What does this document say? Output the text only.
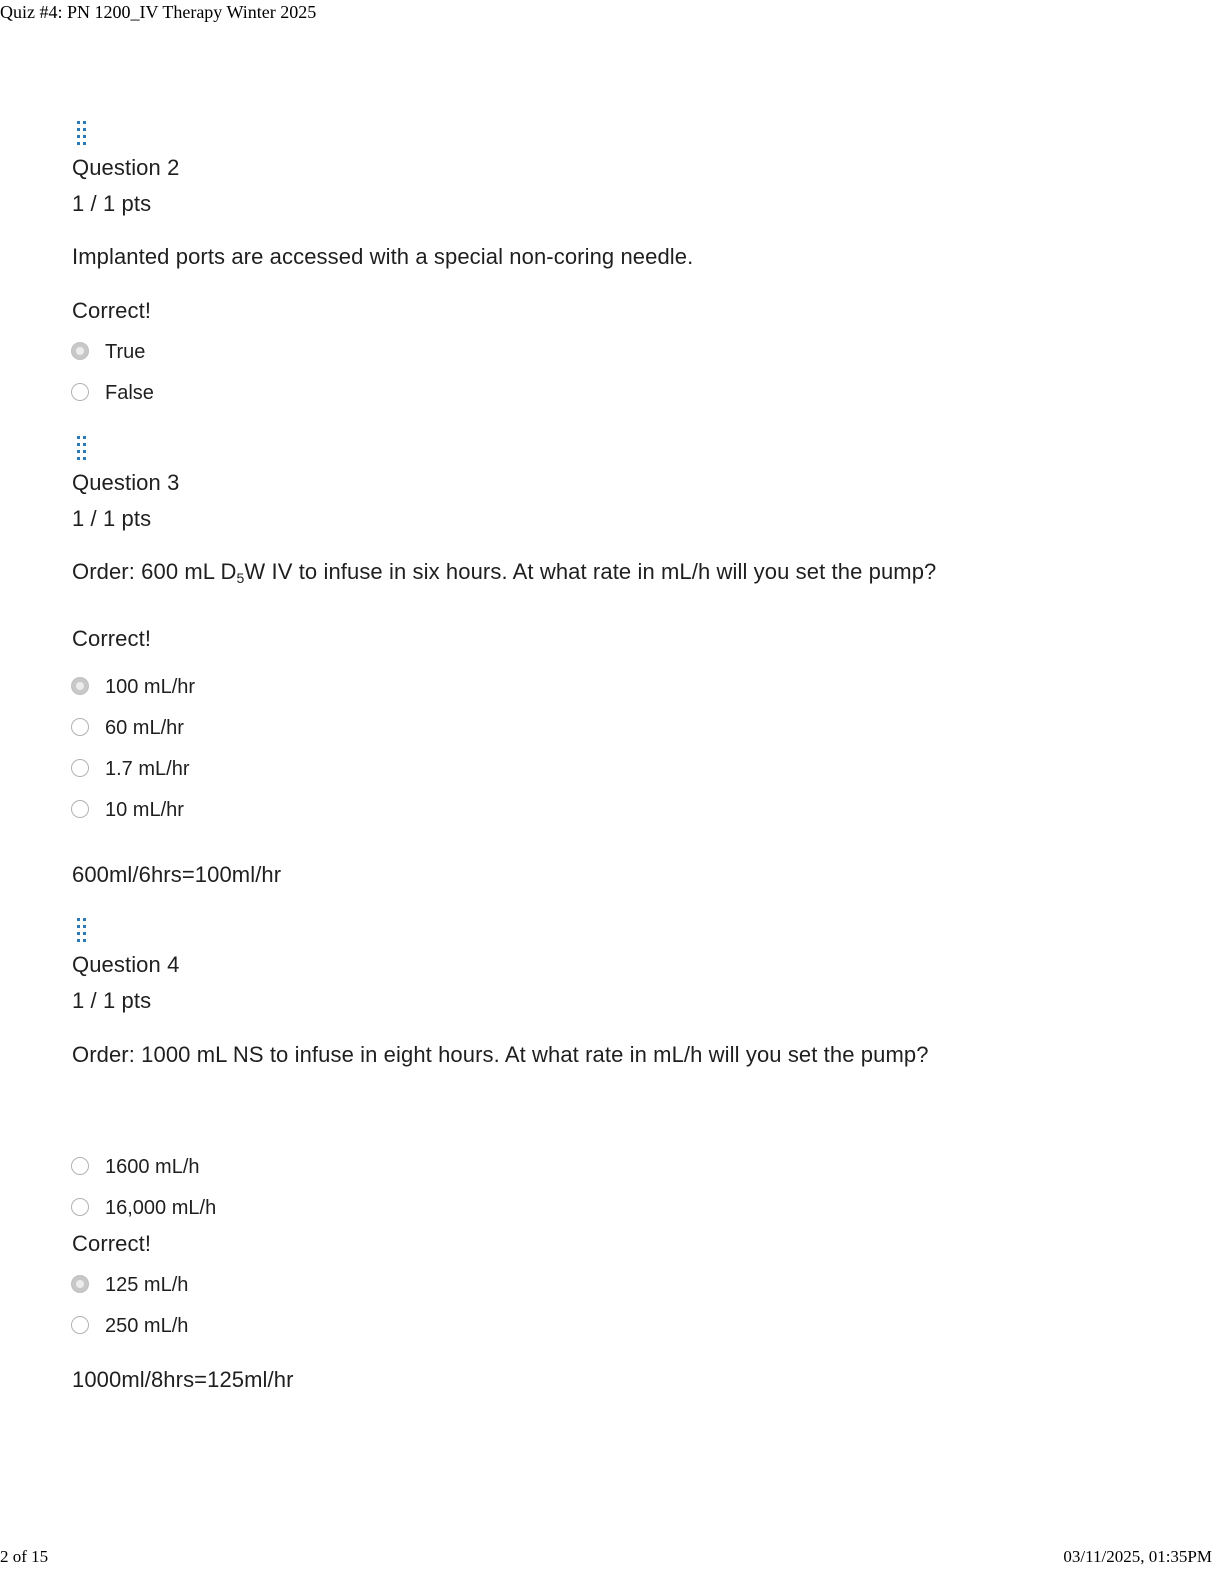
Quiz #4: PN 1200_IV Therapy Winter 2025
2 of 15	03/11/2025, 01:35PM
Question 2
1 / 1 pts
Implanted ports are accessed with a special non-coring needle.
Correct!
True
False
Question 3
1 / 1 pts
Order: 600 mL $D_5W$ IV to infuse in six hours. At what rate in mL/h will you set the pump?
Correct!
100 mL/hr
60 mL/hr
1.7 mL/hr
10 mL/hr
600ml/6hrs=100ml/hr
Question 4
1 / 1 pts
Order: 1000 mL NS to infuse in eight hours. At what rate in mL/h will you set the pump?
1600 mL/h
16,000 mL/h
Correct!
125 mL/h
250 mL/h
1000ml/8hrs=125ml/hr
